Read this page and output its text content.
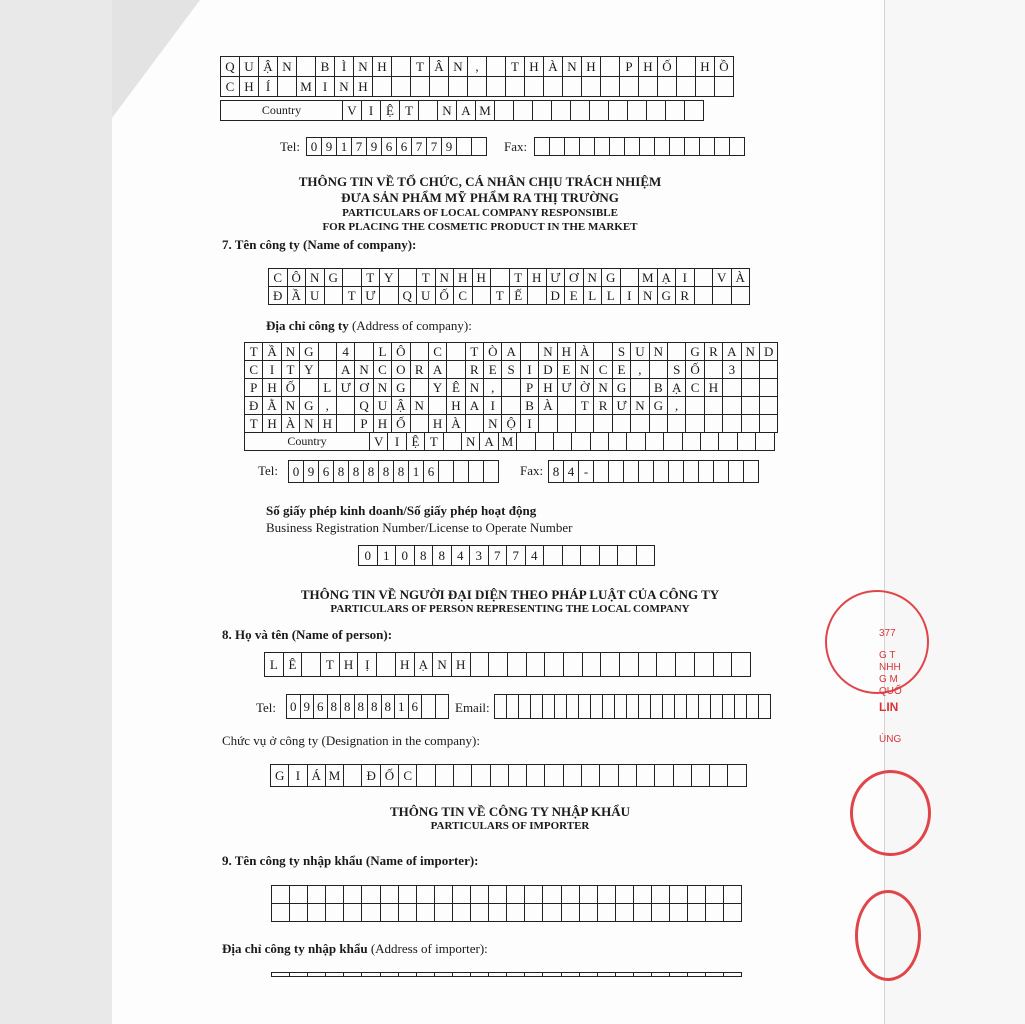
Q U Ậ N	B Ì N H	T Â N ,	T H À N H	P H Ố	H Ồ
C H Í	M I N H
Country	V I Ệ T	N A M
Tel: 0 9 1 7 9 6 6 7 7 9	Fax:
THÔNG TIN VỀ TỔ CHỨC, CÁ NHÂN CHỊU TRÁCH NHIỆM
ĐƯA SẢN PHẨM MỸ PHẨM RA THỊ TRƯỜNG
PARTICULARS OF LOCAL COMPANY RESPONSIBLE
FOR PLACING THE COSMETIC PRODUCT IN THE MARKET
7. Tên công ty (Name of company):
C Ô N G	T Y	T N H H	T H Ư Ơ N G	M Ạ I	V À
Đ Ầ U	T Ư	Q U Ố C	T Ế	D E L L I N G R
Địa chỉ công ty (Address of company):
T Ầ N G	4	L Ô	C	T Ò A	N H À	S U N	G R A N D
C I T Y	A N C O R A	R E S I D E N C E ,	S Ố	3
P H Ố	L Ư Ơ N G	Y Ê N ,	P H Ư Ờ N G	B Ạ C H
Đ Ằ N G ,	Q U Ậ N	H A I	B À	T R Ư N G ,
T H À N H	P H Ố	H À	N Ộ I
Country	V I Ệ T	N A M
Tel: 0 9 6 8 8 8 8 8 1 6	Fax: 8 4 -
Số giấy phép kinh doanh/Số giấy phép hoạt động
Business Registration Number/License to Operate Number
0 1 0 8 8 4 3 7 7 4
THÔNG TIN VỀ NGƯỜI ĐẠI DIỆN THEO PHÁP LUẬT CỦA CÔNG TY
PARTICULARS OF PERSON REPRESENTING THE LOCAL COMPANY
8. Họ và tên (Name of person):
L Ê	T H Ị	H Ạ N H
Tel: 0 9 6 8 8 8 8 8 1 6	Email:
Chức vụ ở công ty (Designation in the company):
G I Á M	Đ Ố C
THÔNG TIN VỀ CÔNG TY NHẬP KHẨU
PARTICULARS OF IMPORTER
9. Tên công ty nhập khẩu (Name of importer):
Địa chỉ công ty nhập khẩu (Address of importer):
377
G T
NHH
G M
QUỐ
LIN
ÙNG
